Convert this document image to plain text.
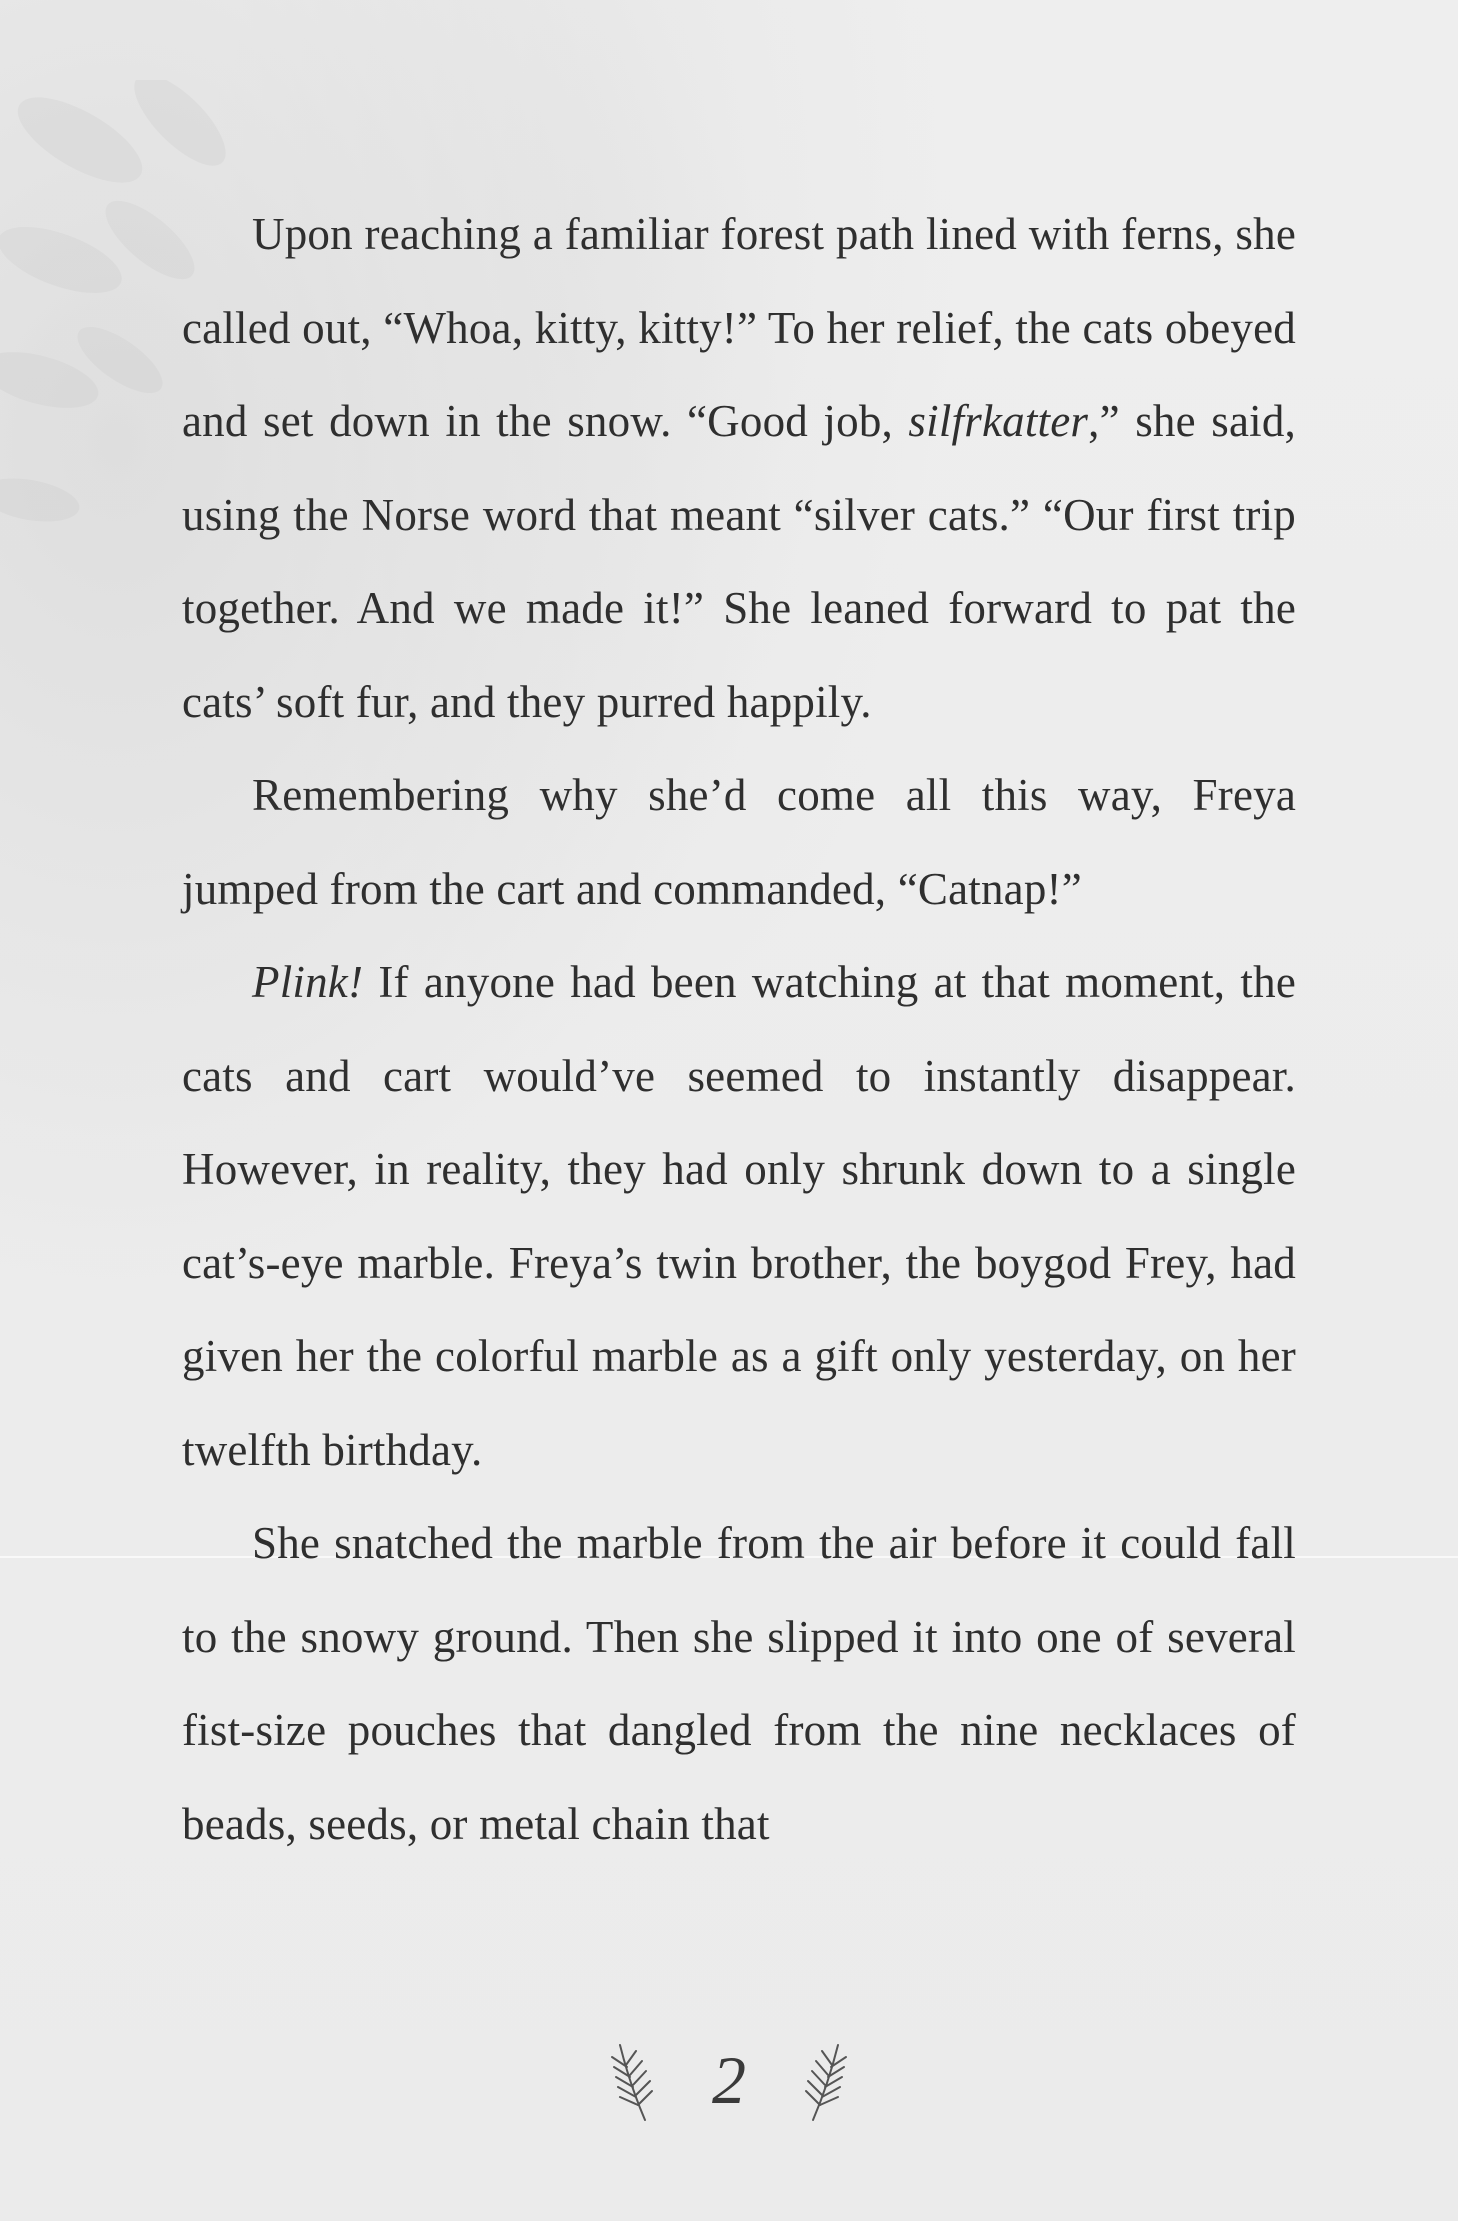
Upon reaching a familiar forest path lined with ferns, she called out, “Whoa, kitty, kitty!” To her relief, the cats obeyed and set down in the snow. “Good job, silfrkatter,” she said, using the Norse word that meant “silver cats.” “Our first trip together. And we made it!” She leaned forward to pat the cats’ soft fur, and they purred happily.

Remembering why she’d come all this way, Freya jumped from the cart and commanded, “Catnap!”

Plink! If anyone had been watching at that moment, the cats and cart would’ve seemed to instantly disappear. However, in reality, they had only shrunk down to a single cat’s-eye marble. Freya’s twin brother, the boygod Frey, had given her the colorful marble as a gift only yesterday, on her twelfth birthday.

She snatched the marble from the air before it could fall to the snowy ground. Then she slipped it into one of several fist-size pouches that dangled from the nine necklaces of beads, seeds, or metal chain that

2
